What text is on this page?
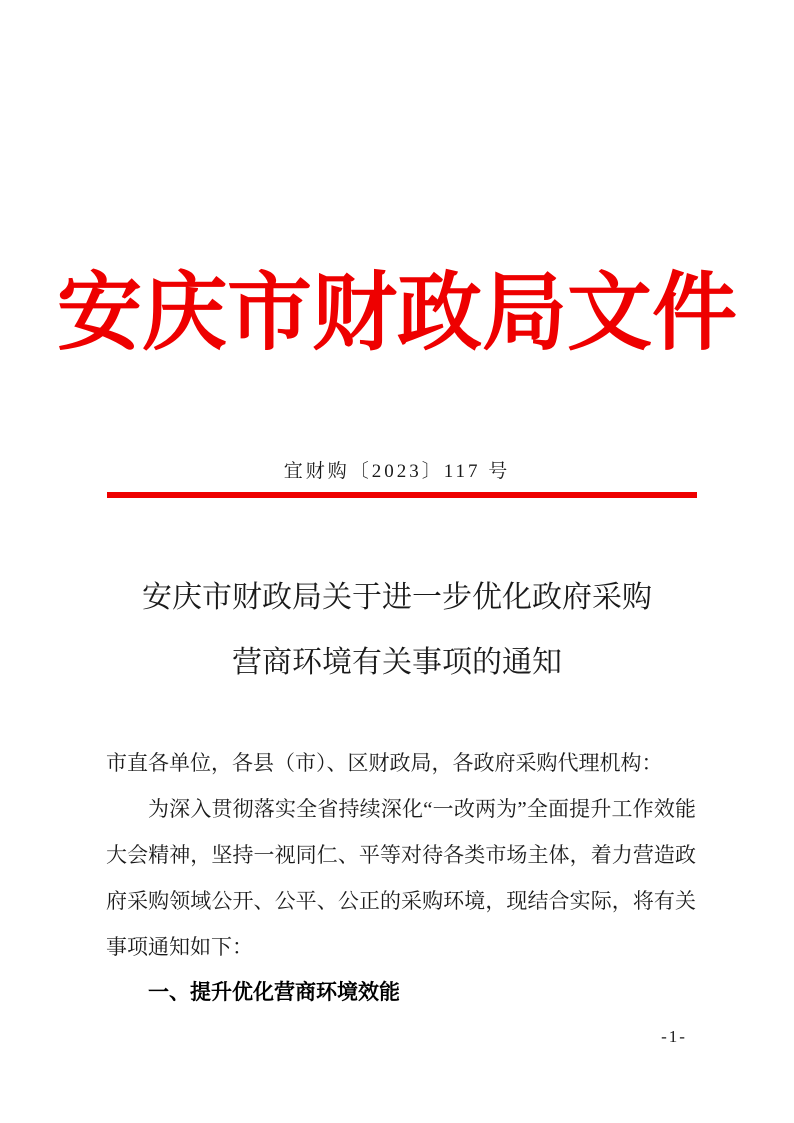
安庆市财政局文件
宜财购〔2023〕117 号
安庆市财政局关于进一步优化政府采购
营商环境有关事项的通知

市直各单位，各县（市）、区财政局，各政府采购代理机构：

为深入贯彻落实全省持续深化“一改两为”全面提升工作效能大会精神，坚持一视同仁、平等对待各类市场主体，着力营造政府采购领域公开、公平、公正的采购环境，现结合实际，将有关事项通知如下：

一、提升优化营商环境效能

-1-
